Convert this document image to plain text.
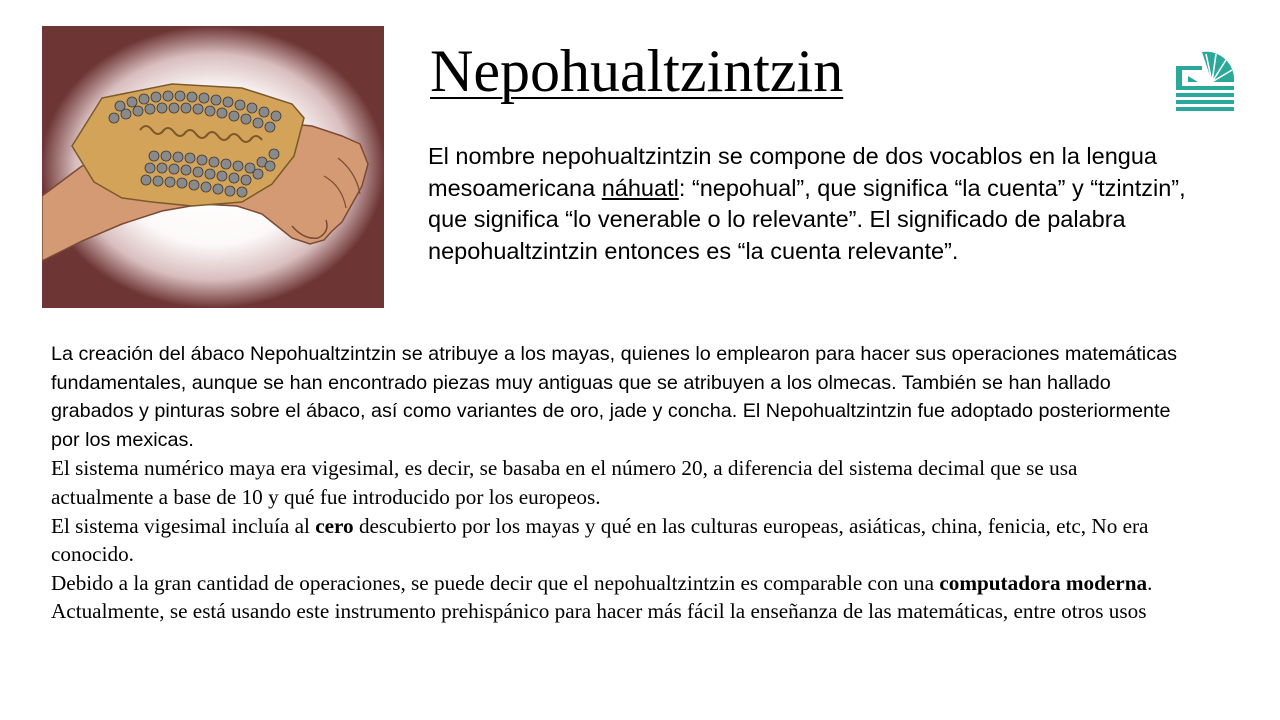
Nepohualtzintzin

El nombre nepohualtzintzin se compone de dos vocablos en la lengua mesoamericana náhuatl: “nepohual”, que significa “la cuenta” y “tzintzin”, que significa “lo venerable o lo relevante”. El significado de palabra nepohualtzintzin entonces es “la cuenta relevante”.

La creación del ábaco Nepohualtzintzin se atribuye a los mayas, quienes lo emplearon para hacer sus operaciones matemáticas fundamentales, aunque se han encontrado piezas muy antiguas que se atribuyen a los olmecas. También se han hallado grabados y pinturas sobre el ábaco, así como variantes de oro, jade y concha. El Nepohualtzintzin fue adoptado posteriormente por los mexicas.

El sistema numérico maya era vigesimal, es decir, se basaba en el número 20, a diferencia del sistema decimal que se usa actualmente a base de 10 y qué fue introducido por los europeos.

El sistema vigesimal incluía al cero descubierto por los mayas y qué en las culturas europeas, asiáticas, china, fenicia, etc, No era conocido.

Debido a la gran cantidad de operaciones, se puede decir que el nepohualtzintzin es comparable con una computadora moderna.

Actualmente, se está usando este instrumento prehispánico para hacer más fácil la enseñanza de las matemáticas, entre otros usos
